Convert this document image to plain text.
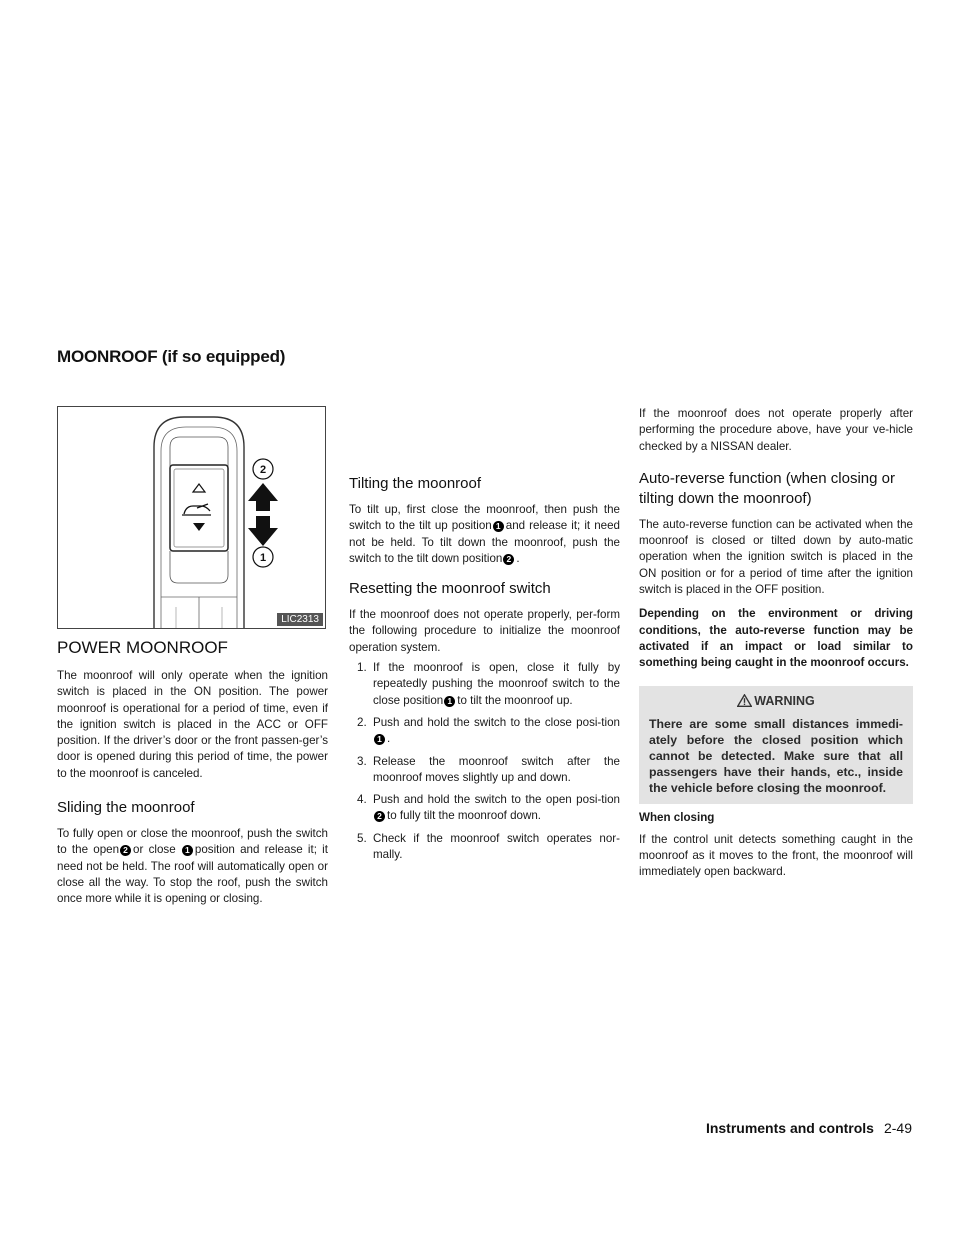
MOONROOF (if so equipped)
2
1
LIC2313
POWER MOONROOF

The moonroof will only operate when the ignition switch is placed in the ON position. The power moonroof is operational for a period of time, even if the ignition switch is placed in the ACC or OFF position. If the driver’s door or the front passen-ger’s door is opened during this period of time, the power to the moonroof is canceled.

Sliding the moonroof

To fully open or close the moonroof, push the switch to the open 2 or close 1 position and release it; it need not be held. The roof will automatically open or close all the way. To stop the roof, push the switch once more while it is opening or closing.

Tilting the moonroof

To tilt up, first close the moonroof, then push the switch to the tilt up position 1 and release it; it need not be held. To tilt down the moonroof, push the switch to the tilt down position 2 .

Resetting the moonroof switch

If the moonroof does not operate properly, per-form the following procedure to initialize the moonroof operation system.

1. If the moonroof is open, close it fully by repeatedly pushing the moonroof switch to the close position 1 to tilt the moonroof up.
2. Push and hold the switch to the close posi-tion1 .
3. Release the moonroof switch after the moonroof moves slightly up and down.
4. Push and hold the switch to the open posi-tion2 to fully tilt the moonroof down.
5. Check if the moonroof switch operates nor-mally.

If the moonroof does not operate properly after performing the procedure above, have your ve-hicle checked by a NISSAN dealer.

Auto-reverse function (when closing or tilting down the moonroof)

The auto-reverse function can be activated when the moonroof is closed or tilted down by auto-matic operation when the ignition switch is placed in the ON position or for a period of time after the ignition switch is placed in the OFF position.

Depending on the environment or driving conditions, the auto-reverse function may be activated if an impact or load similar to something being caught in the moonroof occurs.

WARNING
There are some small distances immedi-ately before the closed position which cannot be detected. Make sure that all passengers have their hands, etc., inside the vehicle before closing the moonroof.

When closing

If the control unit detects something caught in the moonroof as it moves to the front, the moonroof will immediately open backward.

Instruments and controls 2-49
